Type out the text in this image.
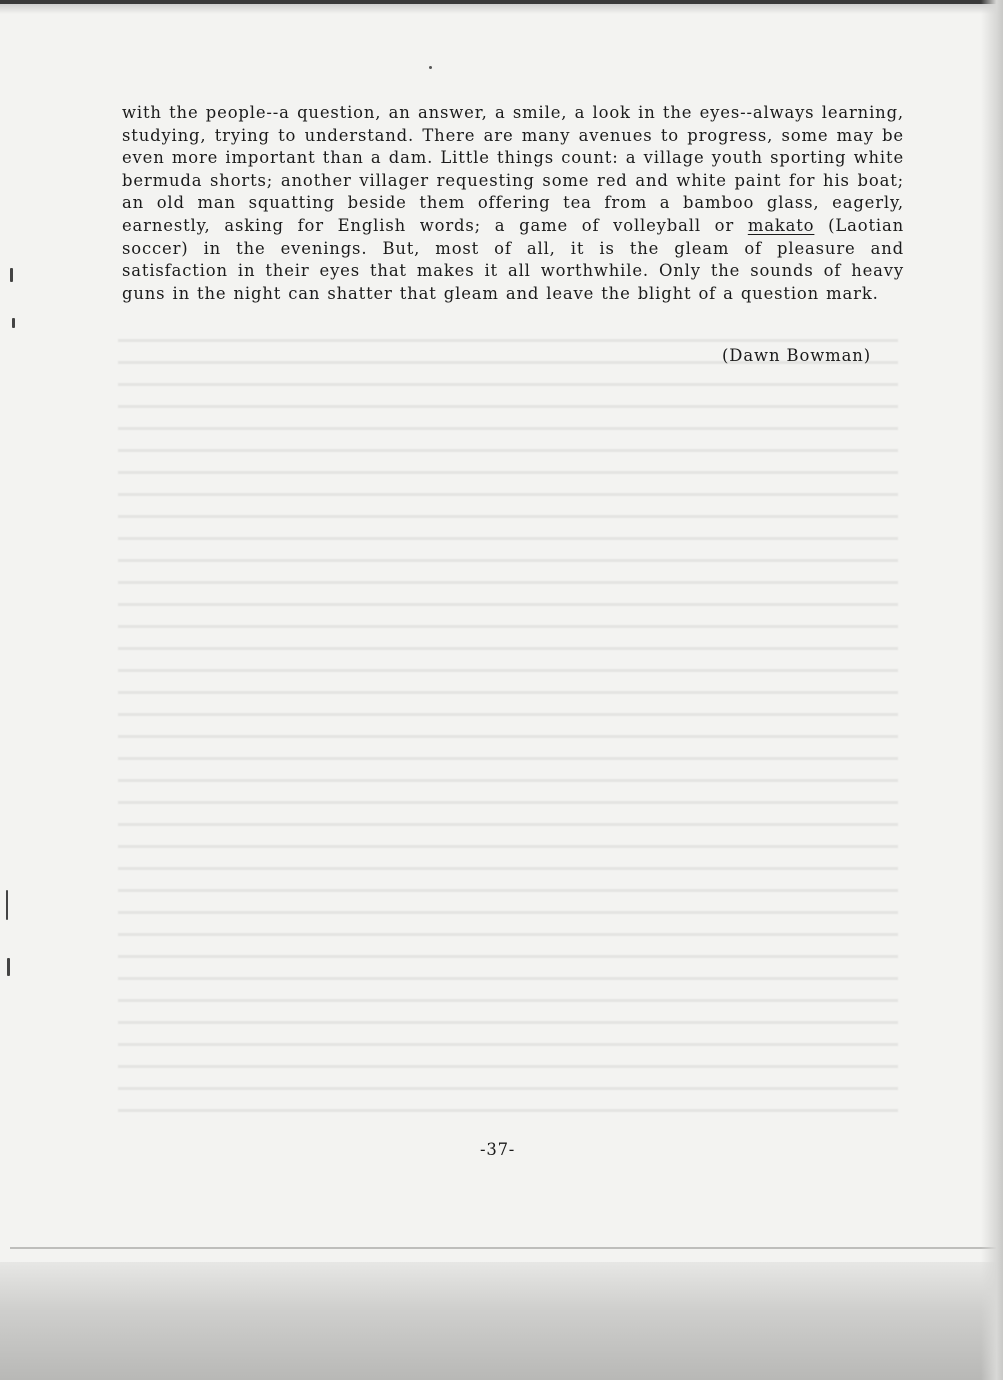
with the people--a question, an answer, a smile, a look in the eyes--always learning, studying, trying to understand. There are many avenues to progress, some may be even more important than a dam. Little things count: a village youth sporting white bermuda shorts; another villager requesting some red and white paint for his boat; an old man squatting beside them offering tea from a bamboo glass, eagerly, earnestly, asking for English words; a game of volleyball or makato (Laotian soccer) in the evenings. But, most of all, it is the gleam of pleasure and satisfaction in their eyes that makes it all worthwhile. Only the sounds of heavy guns in the night can shatter that gleam and leave the blight of a question mark.

(Dawn Bowman)
-37-
